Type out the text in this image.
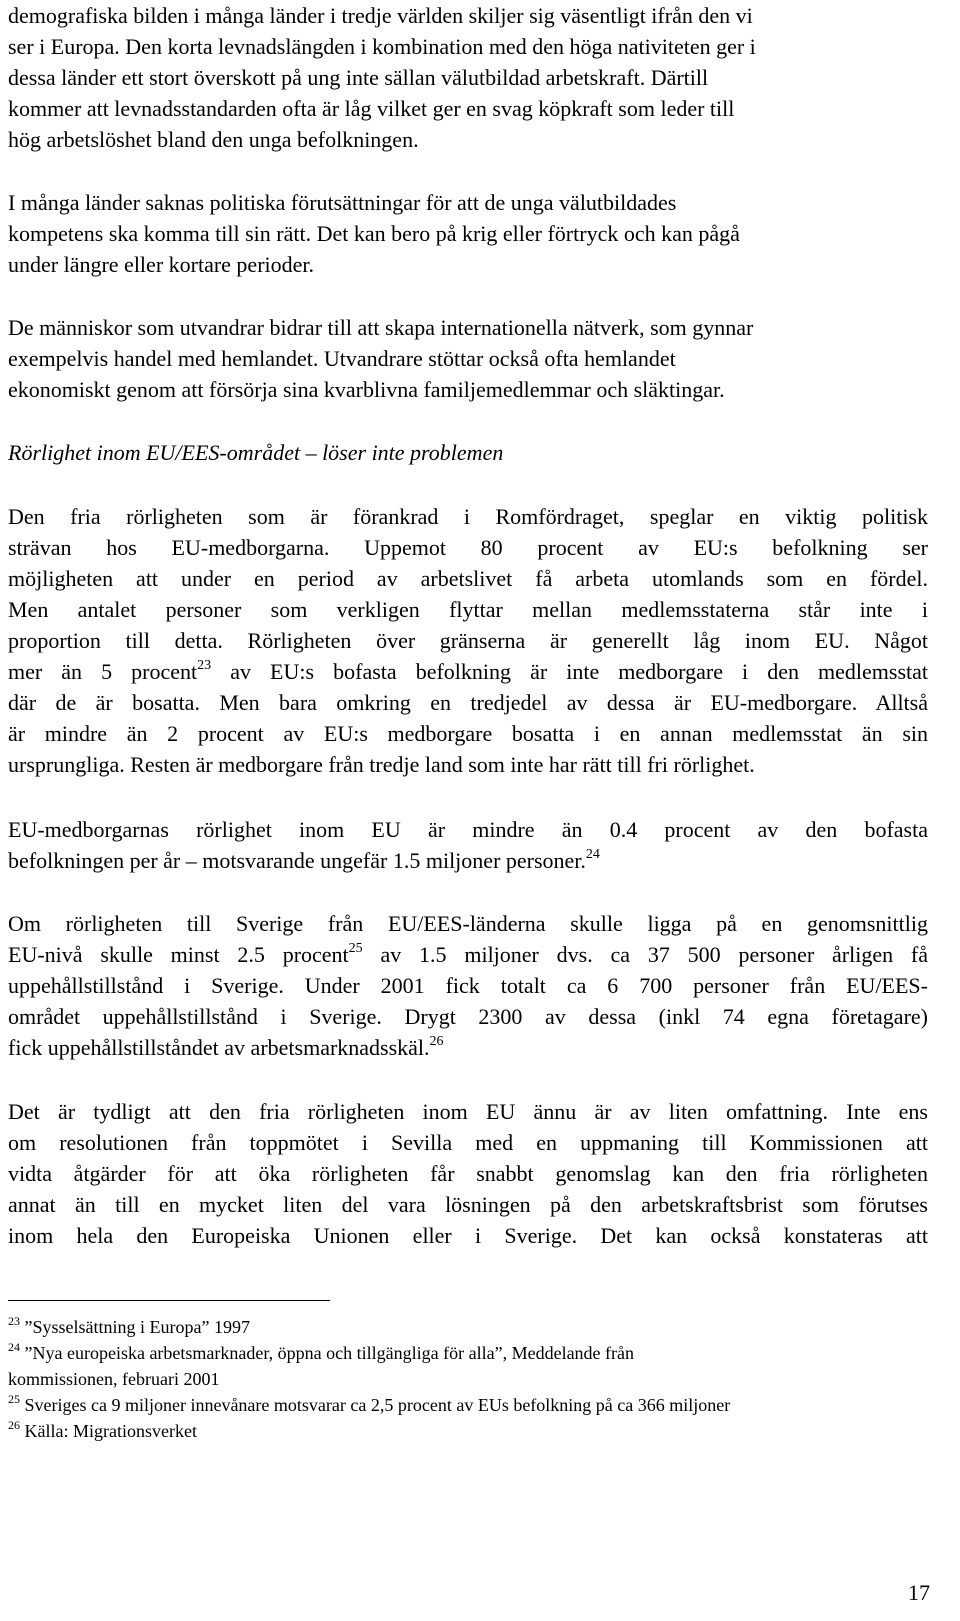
demografiska bilden i många länder i tredje världen skiljer sig väsentligt ifrån den vi
ser i Europa. Den korta levnadslängden i kombination med den höga nativiteten ger i
dessa länder ett stort överskott på ung inte sällan välutbildad arbetskraft. Därtill
kommer att levnadsstandarden ofta är låg vilket ger en svag köpkraft som leder till
hög arbetslöshet bland den unga befolkningen.

I många länder saknas politiska förutsättningar för att de unga välutbildades
kompetens ska komma till sin rätt. Det kan bero på krig eller förtryck och kan pågå
under längre eller kortare perioder.

De människor som utvandrar bidrar till att skapa internationella nätverk, som gynnar
exempelvis handel med hemlandet. Utvandrare stöttar också ofta hemlandet
ekonomiskt genom att försörja sina kvarblivna familjemedlemmar och släktingar.

Rörlighet inom EU/EES-området – löser inte problemen

Den fria rörligheten som är förankrad i Romfördraget, speglar en viktig politisk
strävan hos EU-medborgarna. Uppemot 80 procent av EU:s befolkning ser
möjligheten att under en period av arbetslivet få arbeta utomlands som en fördel.
Men antalet personer som verkligen flyttar mellan medlemsstaterna står inte i
proportion till detta. Rörligheten över gränserna är generellt låg inom EU. Något
mer än 5 procent$^{23}$ av EU:s bofasta befolkning är inte medborgare i den medlemsstat
där de är bosatta. Men bara omkring en tredjedel av dessa är EU-medborgare. Alltså
är mindre än 2 procent av EU:s medborgare bosatta i en annan medlemsstat än sin
ursprungliga. Resten är medborgare från tredje land som inte har rätt till fri rörlighet.

EU-medborgarnas rörlighet inom EU är mindre än 0.4 procent av den bofasta
befolkningen per år – motsvarande ungefär 1.5 miljoner personer.$^{24}$

Om rörligheten till Sverige från EU/EES-länderna skulle ligga på en genomsnittlig
EU-nivå skulle minst 2.5 procent$^{25}$ av 1.5 miljoner dvs. ca 37 500 personer årligen få
uppehållstillstånd i Sverige. Under 2001 fick totalt ca 6 700 personer från EU/EES-
området uppehållstillstånd i Sverige. Drygt 2300 av dessa (inkl 74 egna företagare)
fick uppehållstillståndet av arbetsmarknadsskäl.$^{26}$

Det är tydligt att den fria rörligheten inom EU ännu är av liten omfattning. Inte ens
om resolutionen från toppmötet i Sevilla med en uppmaning till Kommissionen att
vidta åtgärder för att öka rörligheten får snabbt genomslag kan den fria rörligheten
annat än till en mycket liten del vara lösningen på den arbetskraftsbrist som förutses
inom hela den Europeiska Unionen eller i Sverige. Det kan också konstateras att

$^{23}$ ”Sysselsättning i Europa” 1997
$^{24}$ ”Nya europeiska arbetsmarknader, öppna och tillgängliga för alla”, Meddelande från
kommissionen, februari 2001
$^{25}$ Sveriges ca 9 miljoner innevånare motsvarar ca 2,5 procent av EUs befolkning på ca 366 miljoner
$^{26}$ Källa: Migrationsverket
17
